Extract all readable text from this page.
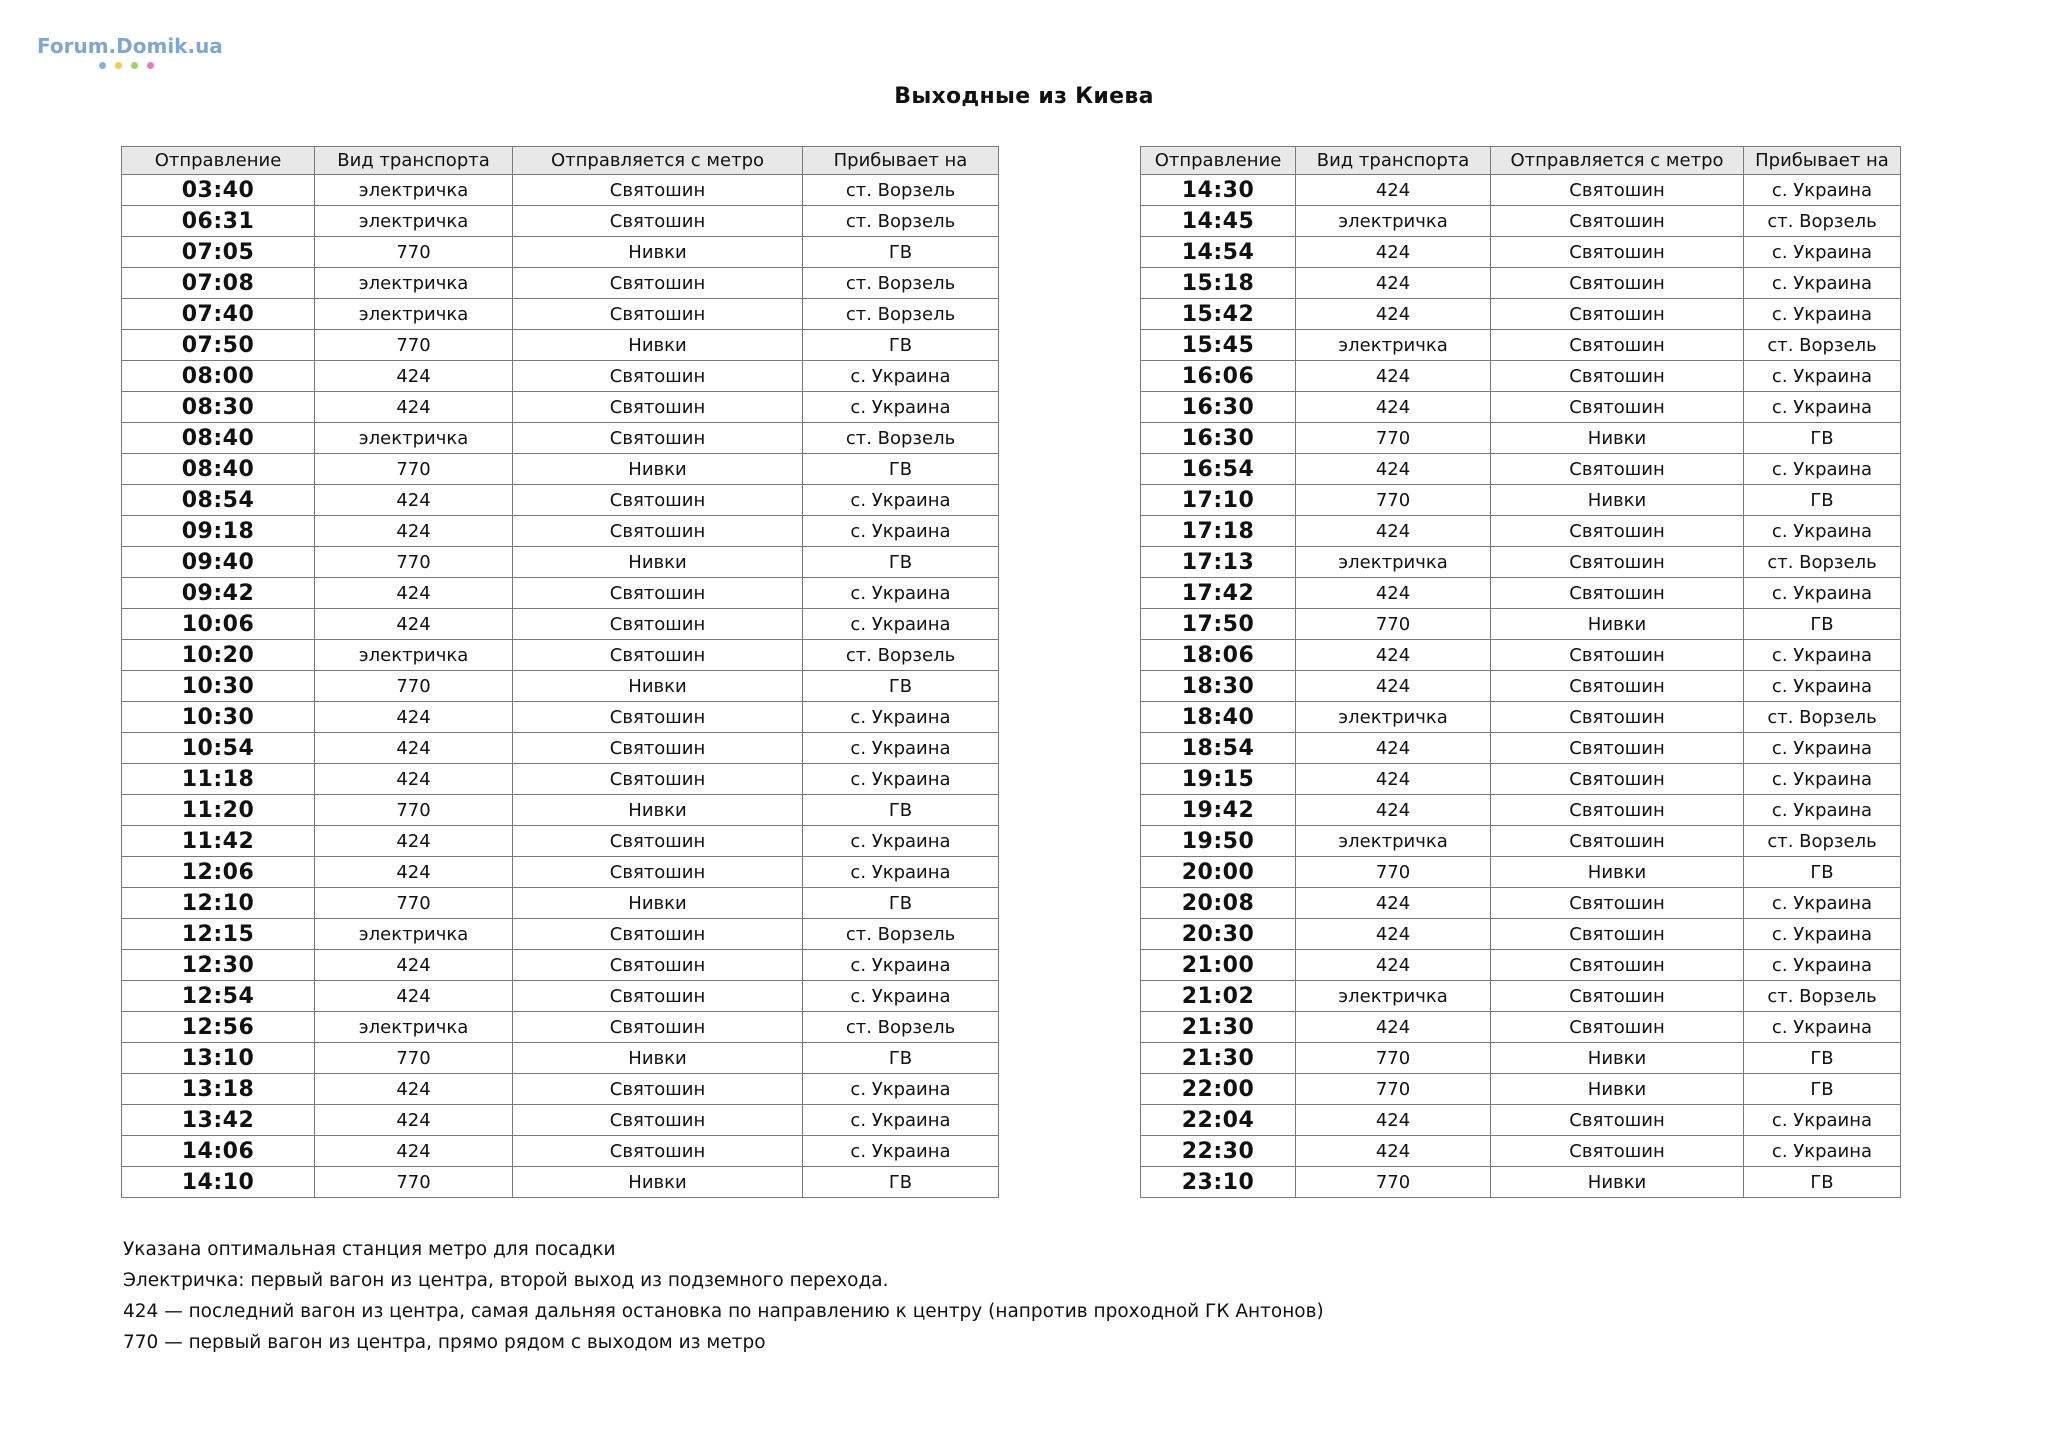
Forum.Domik.ua
Выходные из Киева
Отправление	Вид транспорта	Отправляется с метро	Прибывает на
03:40	электричка	Святошин	ст. Ворзель
06:31	электричка	Святошин	ст. Ворзель
07:05	770	Нивки	ГВ
07:08	электричка	Святошин	ст. Ворзель
07:40	электричка	Святошин	ст. Ворзель
07:50	770	Нивки	ГВ
08:00	424	Святошин	с. Украина
08:30	424	Святошин	с. Украина
08:40	электричка	Святошин	ст. Ворзель
08:40	770	Нивки	ГВ
08:54	424	Святошин	с. Украина
09:18	424	Святошин	с. Украина
09:40	770	Нивки	ГВ
09:42	424	Святошин	с. Украина
10:06	424	Святошин	с. Украина
10:20	электричка	Святошин	ст. Ворзель
10:30	770	Нивки	ГВ
10:30	424	Святошин	с. Украина
10:54	424	Святошин	с. Украина
11:18	424	Святошин	с. Украина
11:20	770	Нивки	ГВ
11:42	424	Святошин	с. Украина
12:06	424	Святошин	с. Украина
12:10	770	Нивки	ГВ
12:15	электричка	Святошин	ст. Ворзель
12:30	424	Святошин	с. Украина
12:54	424	Святошин	с. Украина
12:56	электричка	Святошин	ст. Ворзель
13:10	770	Нивки	ГВ
13:18	424	Святошин	с. Украина
13:42	424	Святошин	с. Украина
14:06	424	Святошин	с. Украина
14:10	770	Нивки	ГВ
Отправление	Вид транспорта	Отправляется с метро	Прибывает на
14:30	424	Святошин	с. Украина
14:45	электричка	Святошин	ст. Ворзель
14:54	424	Святошин	с. Украина
15:18	424	Святошин	с. Украина
15:42	424	Святошин	с. Украина
15:45	электричка	Святошин	ст. Ворзель
16:06	424	Святошин	с. Украина
16:30	424	Святошин	с. Украина
16:30	770	Нивки	ГВ
16:54	424	Святошин	с. Украина
17:10	770	Нивки	ГВ
17:18	424	Святошин	с. Украина
17:13	электричка	Святошин	ст. Ворзель
17:42	424	Святошин	с. Украина
17:50	770	Нивки	ГВ
18:06	424	Святошин	с. Украина
18:30	424	Святошин	с. Украина
18:40	электричка	Святошин	ст. Ворзель
18:54	424	Святошин	с. Украина
19:15	424	Святошин	с. Украина
19:42	424	Святошин	с. Украина
19:50	электричка	Святошин	ст. Ворзель
20:00	770	Нивки	ГВ
20:08	424	Святошин	с. Украина
20:30	424	Святошин	с. Украина
21:00	424	Святошин	с. Украина
21:02	электричка	Святошин	ст. Ворзель
21:30	424	Святошин	с. Украина
21:30	770	Нивки	ГВ
22:00	770	Нивки	ГВ
22:04	424	Святошин	с. Украина
22:30	424	Святошин	с. Украина
23:10	770	Нивки	ГВ
Указана оптимальная станция метро для посадки
Электричка: первый вагон из центра, второй выход из подземного перехода.
424 — последний вагон из центра, самая дальняя остановка по направлению к центру (напротив проходной ГК Антонов)
770 — первый вагон из центра, прямо рядом с выходом из метро
